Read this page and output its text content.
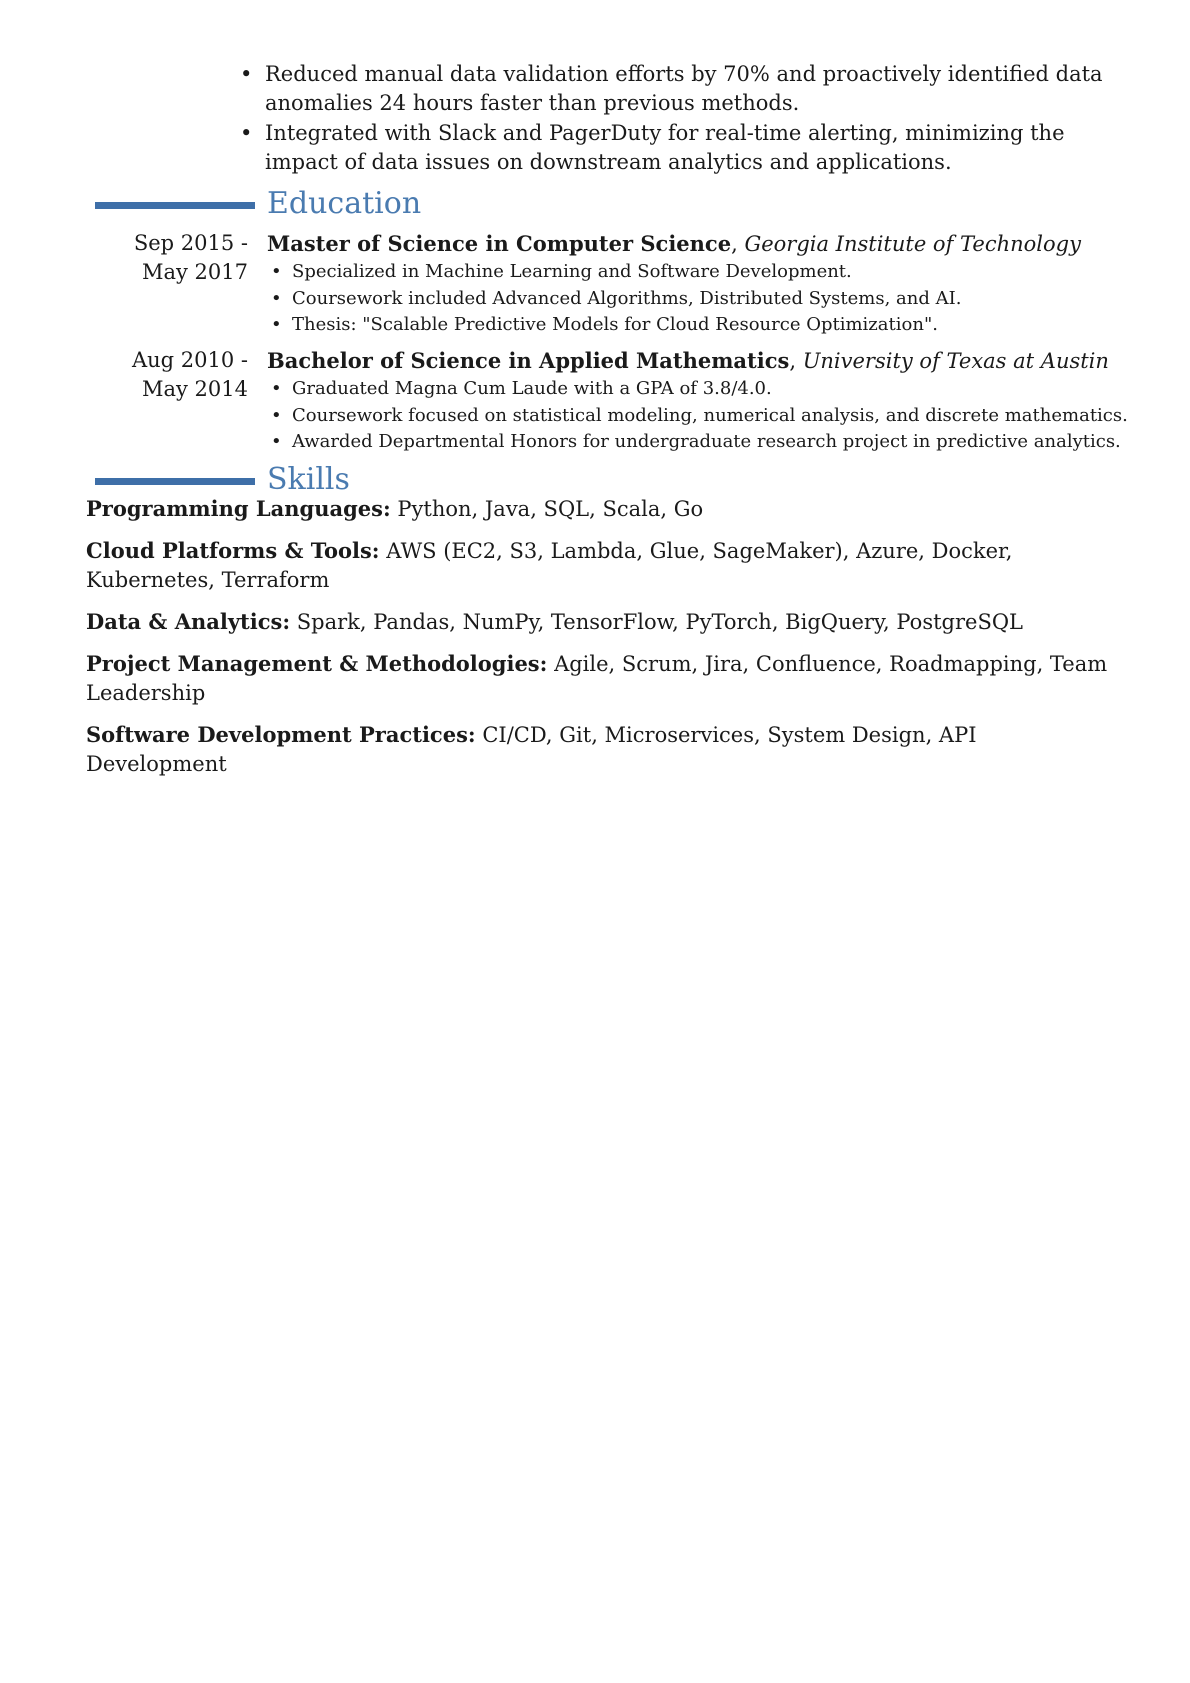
• Reduced manual data validation efforts by 70% and proactively identified data anomalies 24 hours faster than previous methods.
• Integrated with Slack and PagerDuty for real-time alerting, minimizing the impact of data issues on downstream analytics and applications.
Education
Sep 2015 - May 2017
Master of Science in Computer Science, Georgia Institute of Technology
• Specialized in Machine Learning and Software Development.
• Coursework included Advanced Algorithms, Distributed Systems, and AI.
• Thesis: "Scalable Predictive Models for Cloud Resource Optimization".
Aug 2010 - May 2014
Bachelor of Science in Applied Mathematics, University of Texas at Austin
• Graduated Magna Cum Laude with a GPA of 3.8/4.0.
• Coursework focused on statistical modeling, numerical analysis, and discrete mathematics.
• Awarded Departmental Honors for undergraduate research project in predictive analytics.
Skills
Programming Languages: Python, Java, SQL, Scala, Go
Cloud Platforms & Tools: AWS (EC2, S3, Lambda, Glue, SageMaker), Azure, Docker, Kubernetes, Terraform
Data & Analytics: Spark, Pandas, NumPy, TensorFlow, PyTorch, BigQuery, PostgreSQL
Project Management & Methodologies: Agile, Scrum, Jira, Confluence, Roadmapping, Team Leadership
Software Development Practices: CI/CD, Git, Microservices, System Design, API Development
